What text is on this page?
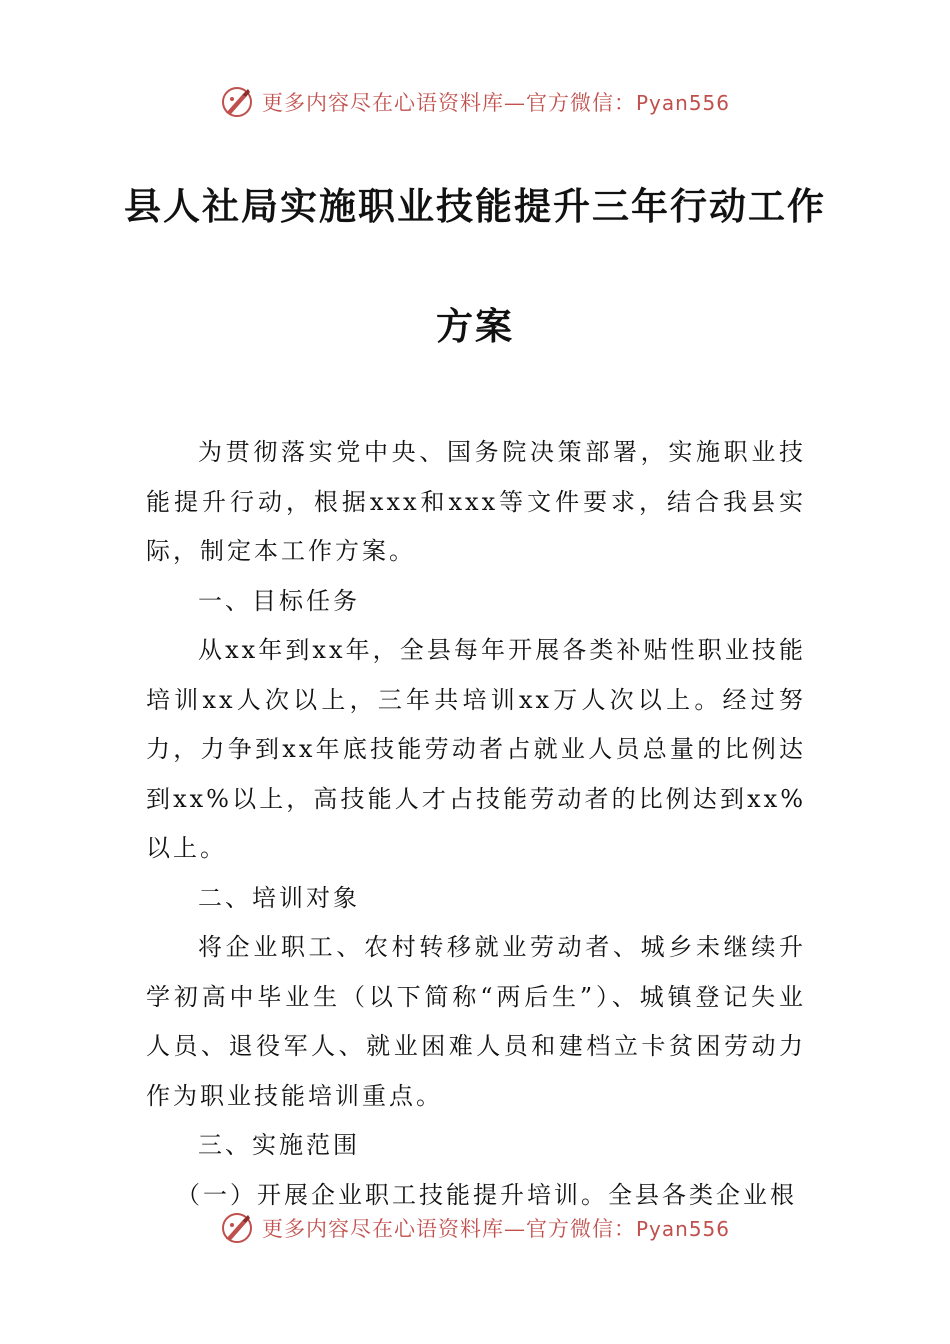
更多内容尽在心语资料库—官方微信：Pyan556
县人社局实施职业技能提升三年行动工作
方案

为贯彻落实党中央、国务院决策部署，实施职业技能提升行动，根据xxx和xxx等文件要求，结合我县实际，制定本工作方案。

一、目标任务

从xx年到xx年，全县每年开展各类补贴性职业技能培训xx人次以上，三年共培训xx万人次以上。经过努力，力争到xx年底技能劳动者占就业人员总量的比例达到xx%以上，高技能人才占技能劳动者的比例达到xx%以上。

二、培训对象

将企业职工、农村转移就业劳动者、城乡未继续升学初高中毕业生（以下简称“两后生”）、城镇登记失业人员、退役军人、就业困难人员和建档立卡贫困劳动力作为职业技能培训重点。

三、实施范围

（一）开展企业职工技能提升培训。全县各类企业根

更多内容尽在心语资料库—官方微信：Pyan556
